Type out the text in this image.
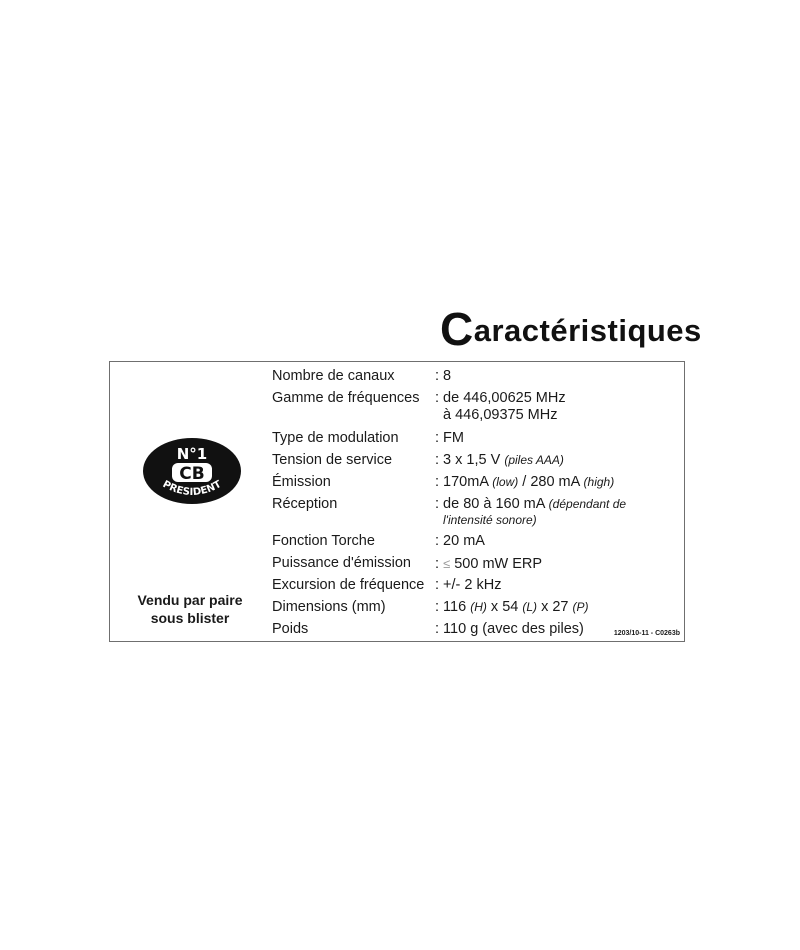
Caractéristiques
N°1
CB
PRESIDENT
Vendu par paire
sous blister
Nombre de canaux	: 8
Gamme de fréquences : de 446,00625 MHz
à 446,09375 MHz
Type de modulation	: FM
Tension de service	: 3 x 1,5 V (piles AAA)
Émission	: 170mA (low) / 280 mA (high)
Réception	: de 80 à 160 mA (dépendant de
l'intensité sonore)
Fonction Torche	: 20 mA
Puissance d'émission : ≤ 500 mW ERP
Excursion de fréquence : +/- 2 kHz
Dimensions (mm)	: 116 (H) x 54 (L) x 27 (P)
Poids	: 110 g (avec des piles)	1203/10-11 - C0263b
